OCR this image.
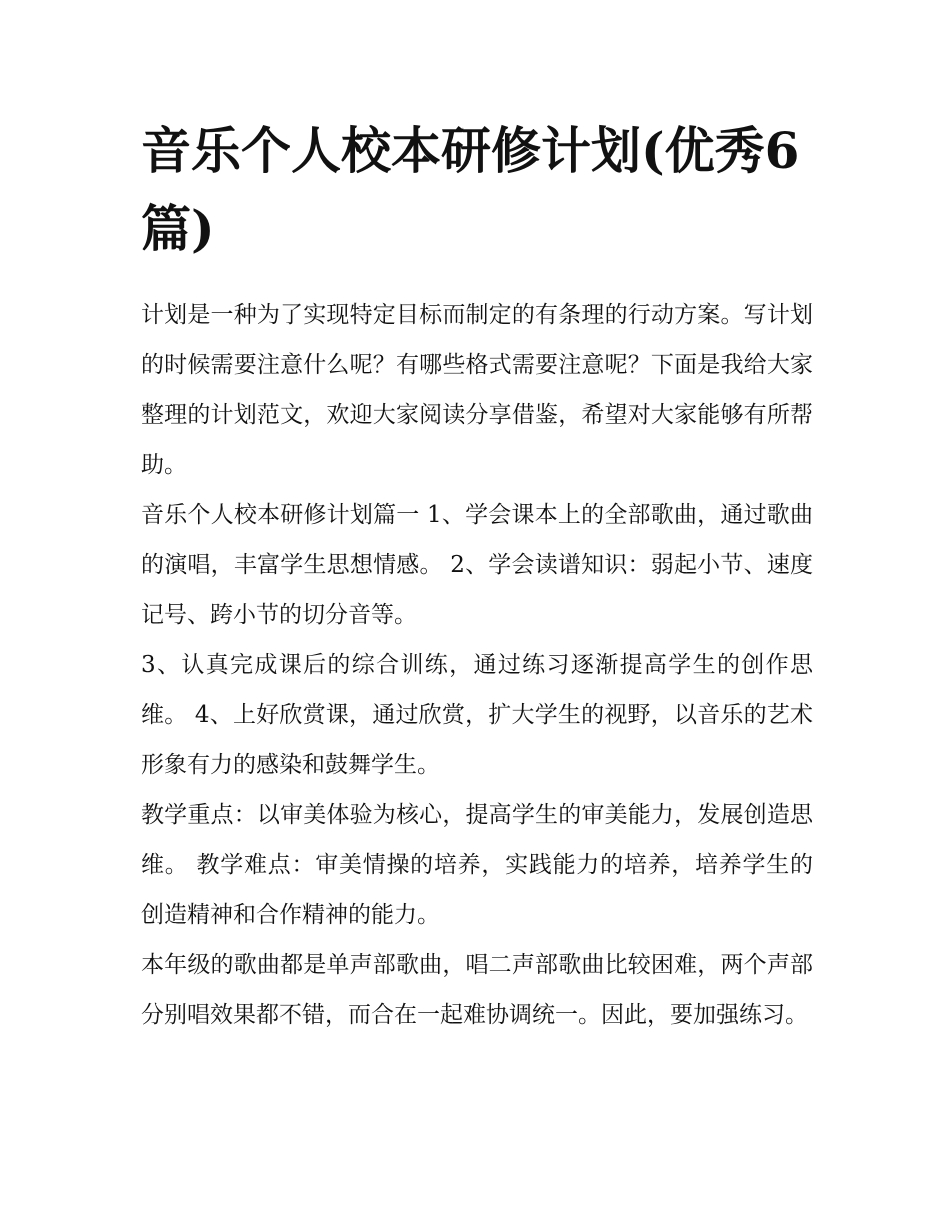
音乐个人校本研修计划(优秀6篇)

计划是一种为了实现特定目标而制定的有条理的行动方案。写计划的时候需要注意什么呢？有哪些格式需要注意呢？下面是我给大家整理的计划范文，欢迎大家阅读分享借鉴，希望对大家能够有所帮助。

音乐个人校本研修计划篇一 1、学会课本上的全部歌曲，通过歌曲的演唱，丰富学生思想情感。 2、学会读谱知识：弱起小节、速度记号、跨小节的切分音等。

3、认真完成课后的综合训练，通过练习逐渐提高学生的创作思维。 4、上好欣赏课，通过欣赏，扩大学生的视野，以音乐的艺术形象有力的感染和鼓舞学生。

教学重点：以审美体验为核心，提高学生的审美能力，发展创造思维。 教学难点：审美情操的培养，实践能力的培养，培养学生的创造精神和合作精神的能力。

本年级的歌曲都是单声部歌曲，唱二声部歌曲比较困难，两个声部分别唱效果都不错，而合在一起难协调统一。因此，要加强练习。
